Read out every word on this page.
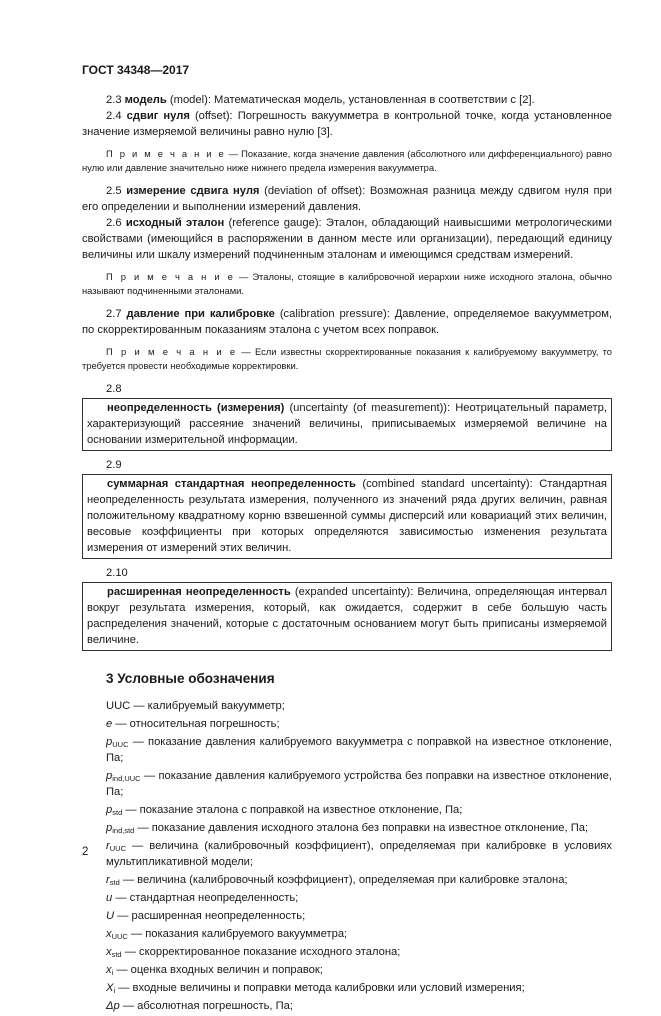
ГОСТ 34348—2017

2.3 модель (model): Математическая модель, установленная в соответствии с [2].

2.4 сдвиг нуля (offset): Погрешность вакуумметра в контрольной точке, когда установленное значение измеряемой величины равно нулю [3].

П р и м е ч а н и е — Показание, когда значение давления (абсолютного или дифференциального) равно нулю или давление значительно ниже нижнего предела измерения вакуумметра.

2.5 измерение сдвига нуля (deviation of offset): Возможная разница между сдвигом нуля при его определении и выполнении измерений давления.

2.6 исходный эталон (reference gauge): Эталон, обладающий наивысшими метрологическими свойствами (имеющийся в распоряжении в данном месте или организации), передающий единицу величины или шкалу измерений подчиненным эталонам и имеющимся средствам измерений.

П р и м е ч а н и е — Эталоны, стоящие в калибровочной иерархии ниже исходного эталона, обычно называют подчиненными эталонами.

2.7 давление при калибровке (calibration pressure): Давление, определяемое вакуумметром, по скорректированным показаниям эталона с учетом всех поправок.

П р и м е ч а н и е — Если известны скорректированные показания к калибруемому вакуумметру, то требуется провести необходимые корректировки.

2.8

неопределенность (измерения) (uncertainty (of measurement)): Неотрицательный параметр, характеризующий рассеяние значений величины, приписываемых измеряемой величине на основании измерительной информации.

2.9

суммарная стандартная неопределенность (combined standard uncertainty): Стандартная неопределенность результата измерения, полученного из значений ряда других величин, равная положительному квадратному корню взвешенной суммы дисперсий или ковариаций этих величин, весовые коэффициенты при которых определяются зависимостью изменения результата измерения от измерений этих величин.

2.10

расширенная неопределенность (expanded uncertainty): Величина, определяющая интервал вокруг результата измерения, который, как ожидается, содержит в себе большую часть распределения значений, которые с достаточным основанием могут быть приписаны измеряемой величине.

3 Условные обозначения

UUC — калибруемый вакуумметр;

e — относительная погрешность;

$p_{UUC}$ — показание давления калибруемого вакуумметра с поправкой на известное отклонение, Па;

$p_{ind,UUC}$ — показание давления калибруемого устройства без поправки на известное отклонение, Па;

$p_{std}$ — показание эталона с поправкой на известное отклонение, Па;

$p_{ind,std}$ — показание давления исходного эталона без поправки на известное отклонение, Па;

$r_{UUC}$ — величина (калибровочный коэффициент), определяемая при калибровке в условиях мультипликативной модели;

$r_{std}$ — величина (калибровочный коэффициент), определяемая при калибровке эталона;

u — стандартная неопределенность;

U — расширенная неопределенность;

$x_{UUC}$ — показания калибруемого вакуумметра;

$x_{std}$ — скорректированное показание исходного эталона;

$x_i$ — оценка входных величин и поправок;

$X_i$ — входные величины и поправки метода калибровки или условий измерения;

Δp — абсолютная погрешность, Па;

2
